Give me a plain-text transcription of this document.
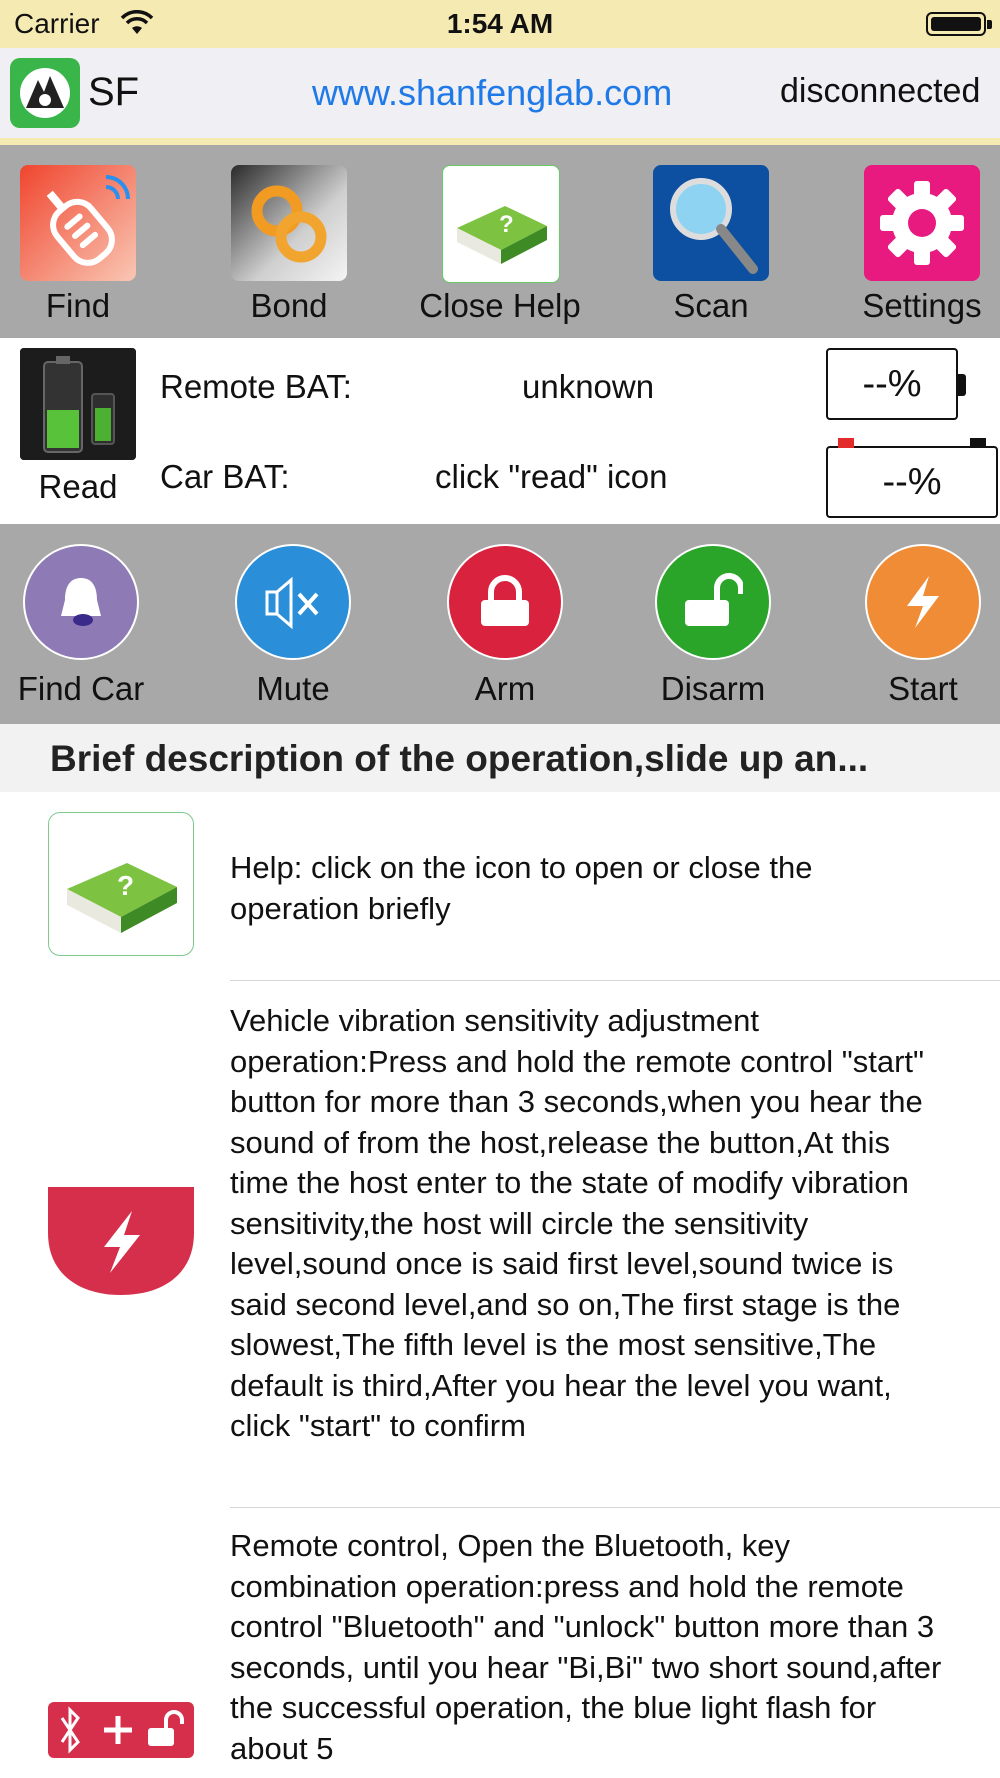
Carrier	1:54 AM
SF	www.shanfenglab.com	disconnected
Find	Bond
?
Close Help	Scan	Settings
Read
Remote BAT:	unknown	--%
Car BAT:	click "read" icon	--%
Find Car	Mute	Arm	Disarm	Start
Brief description of the operation,slide up an...
?
Help: click on the icon to open or close the operation briefly
Vehicle vibration sensitivity adjustment operation:Press and hold the remote control "start" button for more than 3 seconds,when you hear the sound of from the host,release the button,At this time the host enter to the state of modify vibration sensitivity,the host will circle the sensitivity level,sound once is said first level,sound twice is said second level,and so on,The first stage is the slowest,The fifth level is the most sensitive,The default is third,After you hear the level you want, click "start" to confirm
Remote control, Open the Bluetooth, key combination operation:press and hold the remote control "Bluetooth" and "unlock" button more than 3 seconds, until you hear "Bi,Bi" two short sound,after the successful operation, the blue light flash for about 5
